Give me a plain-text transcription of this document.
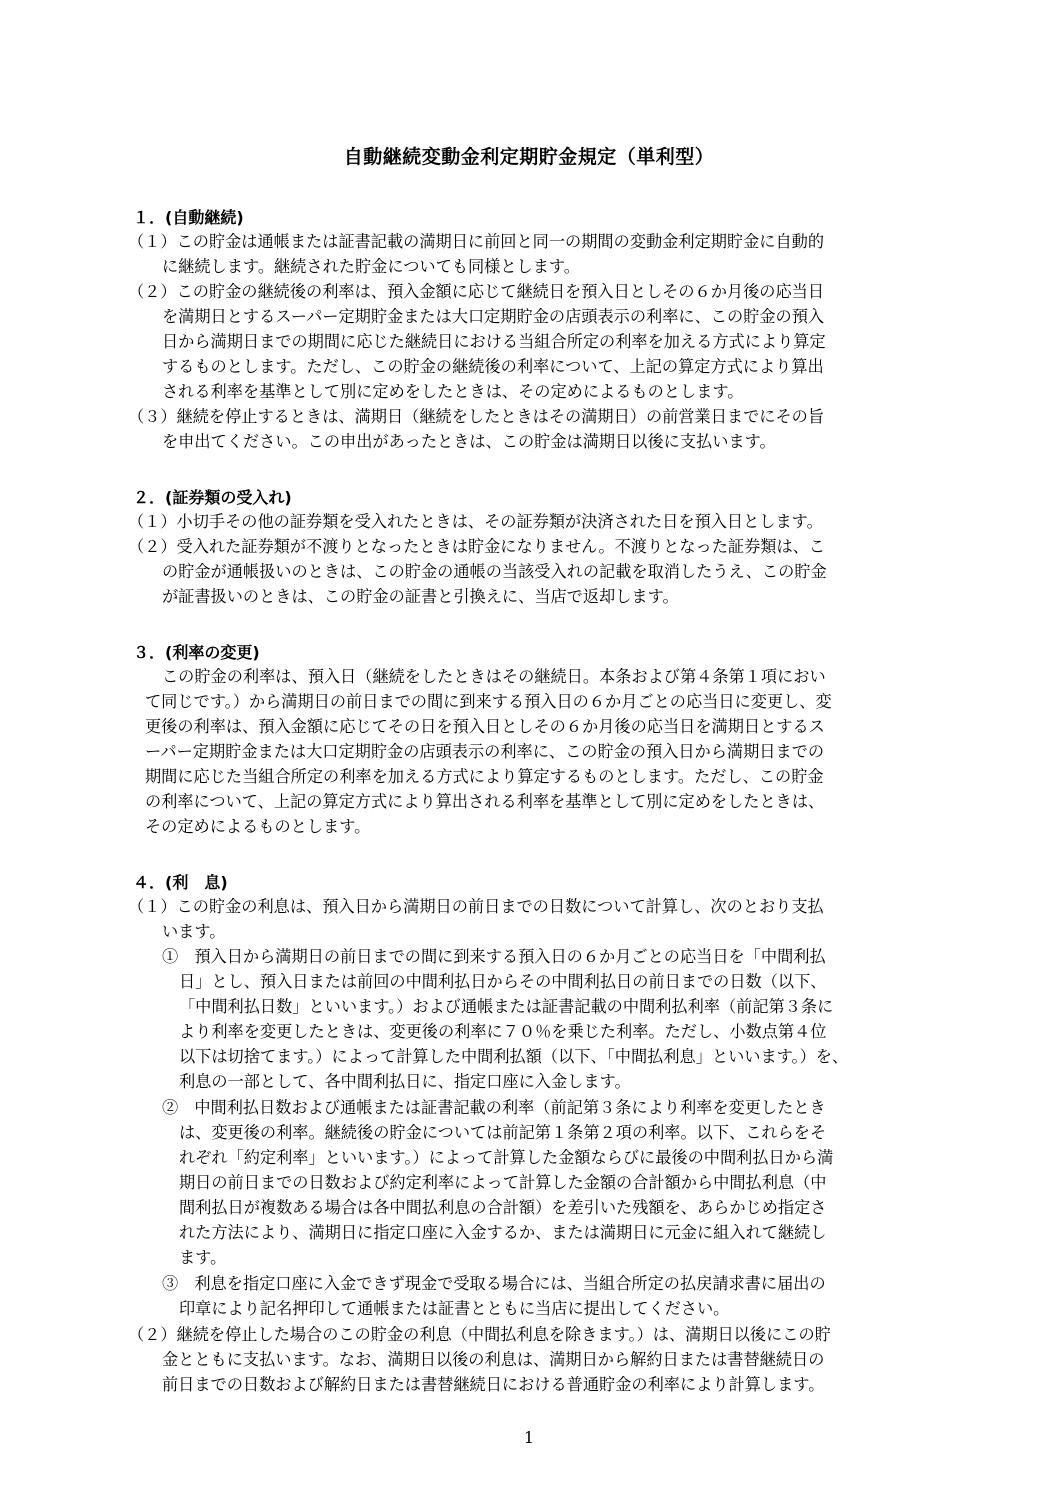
自動継続変動金利定期貯金規定（単利型）
１．(自動継続)
（１）この貯金は通帳または証書記載の満期日に前回と同一の期間の変動金利定期貯金に自動的
に継続します。継続された貯金についても同様とします。
（２）この貯金の継続後の利率は、預入金額に応じて継続日を預入日としその６か月後の応当日
を満期日とするスーパー定期貯金または大口定期貯金の店頭表示の利率に、この貯金の預入
日から満期日までの期間に応じた継続日における当組合所定の利率を加える方式により算定
するものとします。ただし、この貯金の継続後の利率について、上記の算定方式により算出
される利率を基準として別に定めをしたときは、その定めによるものとします。
（３）継続を停止するときは、満期日（継続をしたときはその満期日）の前営業日までにその旨
を申出てください。この申出があったときは、この貯金は満期日以後に支払います。
２．(証券類の受入れ)
（１）小切手その他の証券類を受入れたときは、その証券類が決済された日を預入日とします。
（２）受入れた証券類が不渡りとなったときは貯金になりません。不渡りとなった証券類は、こ
の貯金が通帳扱いのときは、この貯金の通帳の当該受入れの記載を取消したうえ、この貯金
が証書扱いのときは、この貯金の証書と引換えに、当店で返却します。
３．(利率の変更)
この貯金の利率は、預入日（継続をしたときはその継続日。本条および第４条第１項におい
て同じです。）から満期日の前日までの間に到来する預入日の６か月ごとの応当日に変更し、変
更後の利率は、預入金額に応じてその日を預入日としその６か月後の応当日を満期日とするス
ーパー定期貯金または大口定期貯金の店頭表示の利率に、この貯金の預入日から満期日までの
期間に応じた当組合所定の利率を加える方式により算定するものとします。ただし、この貯金
の利率について、上記の算定方式により算出される利率を基準として別に定めをしたときは、
その定めによるものとします。
４．(利　息)
（１）この貯金の利息は、預入日から満期日の前日までの日数について計算し、次のとおり支払
います。
①　預入日から満期日の前日までの間に到来する預入日の６か月ごとの応当日を「中間利払
日」とし、預入日または前回の中間利払日からその中間利払日の前日までの日数（以下、
「中間利払日数」といいます。）および通帳または証書記載の中間利払利率（前記第３条に
より利率を変更したときは、変更後の利率に７０％を乗じた利率。ただし、小数点第４位
以下は切捨てます。）によって計算した中間利払額（以下、「中間払利息」といいます。）を、
利息の一部として、各中間利払日に、指定口座に入金します。
②　中間利払日数および通帳または証書記載の利率（前記第３条により利率を変更したとき
は、変更後の利率。継続後の貯金については前記第１条第２項の利率。以下、これらをそ
れぞれ「約定利率」といいます。）によって計算した金額ならびに最後の中間利払日から満
期日の前日までの日数および約定利率によって計算した金額の合計額から中間払利息（中
間利払日が複数ある場合は各中間払利息の合計額）を差引いた残額を、あらかじめ指定さ
れた方法により、満期日に指定口座に入金するか、または満期日に元金に組入れて継続し
ます。
③　利息を指定口座に入金できず現金で受取る場合には、当組合所定の払戻請求書に届出の
印章により記名押印して通帳または証書とともに当店に提出してください。
（２）継続を停止した場合のこの貯金の利息（中間払利息を除きます。）は、満期日以後にこの貯
金とともに支払います。なお、満期日以後の利息は、満期日から解約日または書替継続日の
前日までの日数および解約日または書替継続日における普通貯金の利率により計算します。
1
